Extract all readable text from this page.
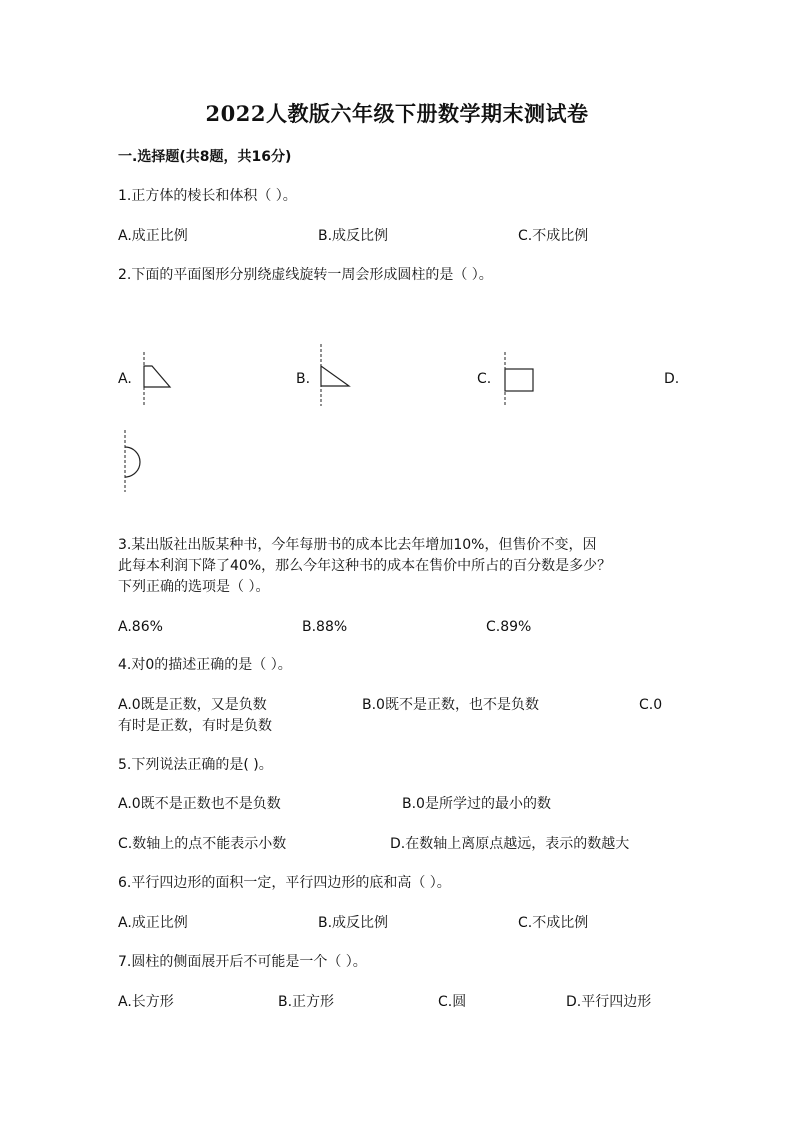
2022人教版六年级下册数学期末测试卷
一.选择题(共8题，共16分)
1.正方体的棱长和体积（ ）。
A.成正比例	B.成反比例	C.不成比例
2.下面的平面图形分别绕虚线旋转一周会形成圆柱的是（ ）。
A.	B.	C.	D.
3.某出版社出版某种书，今年每册书的成本比去年增加10%，但售价不变，因
此每本利润下降了40%，那么今年这种书的成本在售价中所占的百分数是多少？
下列正确的选项是（ ）。
A.86%	B.88%	C.89%
4.对0的描述正确的是（ ）。
A.0既是正数，又是负数	B.0既不是正数，也不是负数	C.0
有时是正数，有时是负数
5.下列说法正确的是( )。
A.0既不是正数也不是负数	B.0是所学过的最小的数
C.数轴上的点不能表示小数	D.在数轴上离原点越远，表示的数越大
6.平行四边形的面积一定，平行四边形的底和高（ ）。
A.成正比例	B.成反比例	C.不成比例
7.圆柱的侧面展开后不可能是一个（ ）。
A.长方形	B.正方形	C.圆	D.平行四边形
